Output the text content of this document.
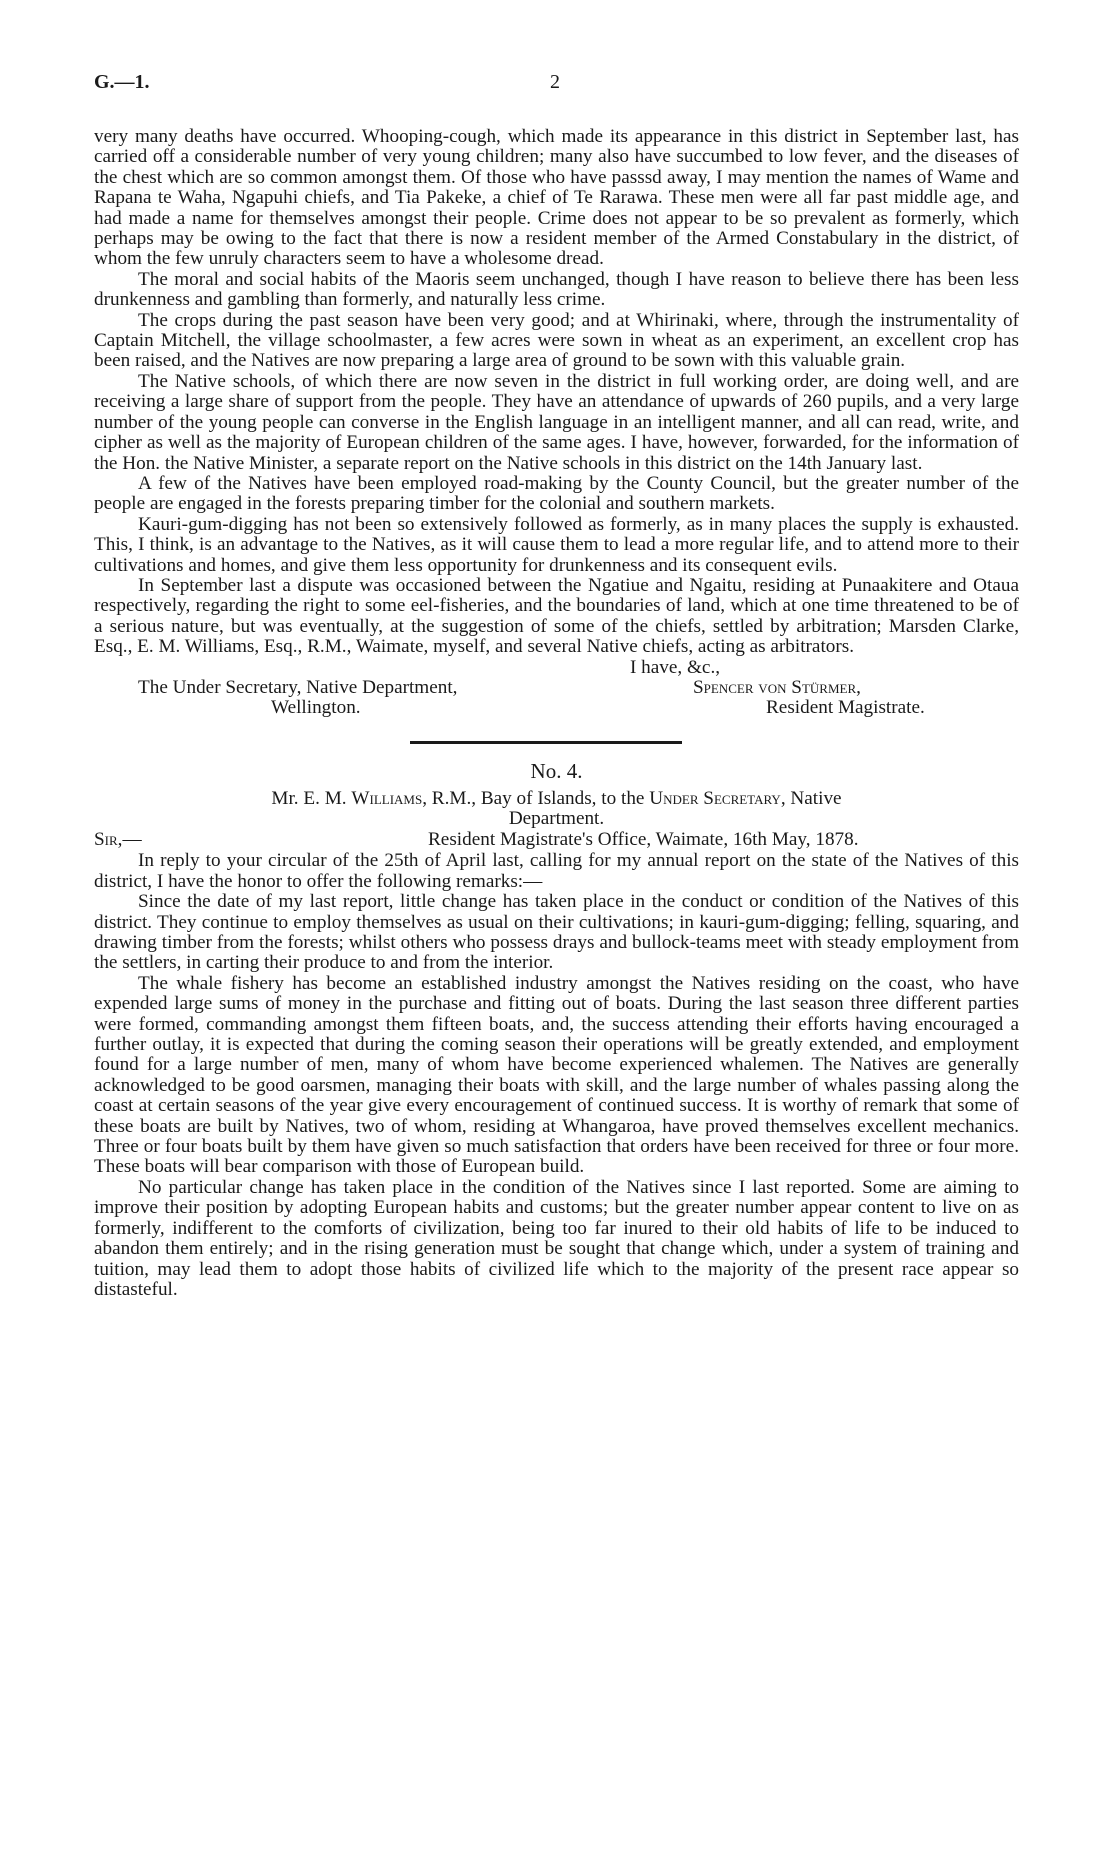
G.—1.	2

very many deaths have occurred. Whooping-cough, which made its appearance in this district in September last, has carried off a considerable number of very young children; many also have succumbed to low fever, and the diseases of the chest which are so common amongst them. Of those who have passsd away, I may mention the names of Wame and Rapana te Waha, Ngapuhi chiefs, and Tia Pakeke, a chief of Te Rarawa. These men were all far past middle age, and had made a name for themselves amongst their people. Crime does not appear to be so prevalent as formerly, which perhaps may be owing to the fact that there is now a resident member of the Armed Constabulary in the district, of whom the few unruly characters seem to have a wholesome dread.

The moral and social habits of the Maoris seem unchanged, though I have reason to believe there has been less drunkenness and gambling than formerly, and naturally less crime.

The crops during the past season have been very good; and at Whirinaki, where, through the instrumentality of Captain Mitchell, the village schoolmaster, a few acres were sown in wheat as an experiment, an excellent crop has been raised, and the Natives are now preparing a large area of ground to be sown with this valuable grain.

The Native schools, of which there are now seven in the district in full working order, are doing well, and are receiving a large share of support from the people. They have an attendance of upwards of 260 pupils, and a very large number of the young people can converse in the English language in an intelligent manner, and all can read, write, and cipher as well as the majority of European children of the same ages. I have, however, forwarded, for the information of the Hon. the Native Minister, a separate report on the Native schools in this district on the 14th January last.

A few of the Natives have been employed road-making by the County Council, but the greater number of the people are engaged in the forests preparing timber for the colonial and southern markets.

Kauri-gum-digging has not been so extensively followed as formerly, as in many places the supply is exhausted. This, I think, is an advantage to the Natives, as it will cause them to lead a more regular life, and to attend more to their cultivations and homes, and give them less opportunity for drunkenness and its consequent evils.

In September last a dispute was occasioned between the Ngatiue and Ngaitu, residing at Punaakitere and Otaua respectively, regarding the right to some eel-fisheries, and the boundaries of land, which at one time threatened to be of a serious nature, but was eventually, at the suggestion of some of the chiefs, settled by arbitration; Marsden Clarke, Esq., E. M. Williams, Esq., R.M., Waimate, myself, and several Native chiefs, acting as arbitrators.

I have, &c.,
The Under Secretary, Native Department,
Wellington.
Spencer von Stürmer,
Resident Magistrate.
No. 4.
Mr. E. M. Williams, R.M., Bay of Islands, to the Under Secretary, Native
Department.
Sir,—	Resident Magistrate's Office, Waimate, 16th May, 1878.

In reply to your circular of the 25th of April last, calling for my annual report on the state of the Natives of this district, I have the honor to offer the following remarks:—

Since the date of my last report, little change has taken place in the conduct or condition of the Natives of this district. They continue to employ themselves as usual on their cultivations; in kauri-gum-digging; felling, squaring, and drawing timber from the forests; whilst others who possess drays and bullock-teams meet with steady employment from the settlers, in carting their produce to and from the interior.

The whale fishery has become an established industry amongst the Natives residing on the coast, who have expended large sums of money in the purchase and fitting out of boats. During the last season three different parties were formed, commanding amongst them fifteen boats, and, the success attending their efforts having encouraged a further outlay, it is expected that during the coming season their operations will be greatly extended, and employment found for a large number of men, many of whom have become experienced whalemen. The Natives are generally acknowledged to be good oarsmen, managing their boats with skill, and the large number of whales passing along the coast at certain seasons of the year give every encouragement of continued success. It is worthy of remark that some of these boats are built by Natives, two of whom, residing at Whangaroa, have proved themselves excellent mechanics. Three or four boats built by them have given so much satisfaction that orders have been received for three or four more. These boats will bear comparison with those of European build.

No particular change has taken place in the condition of the Natives since I last reported. Some are aiming to improve their position by adopting European habits and customs; but the greater number appear content to live on as formerly, indifferent to the comforts of civilization, being too far inured to their old habits of life to be induced to abandon them entirely; and in the rising generation must be sought that change which, under a system of training and tuition, may lead them to adopt those habits of civilized life which to the majority of the present race appear so distasteful.
